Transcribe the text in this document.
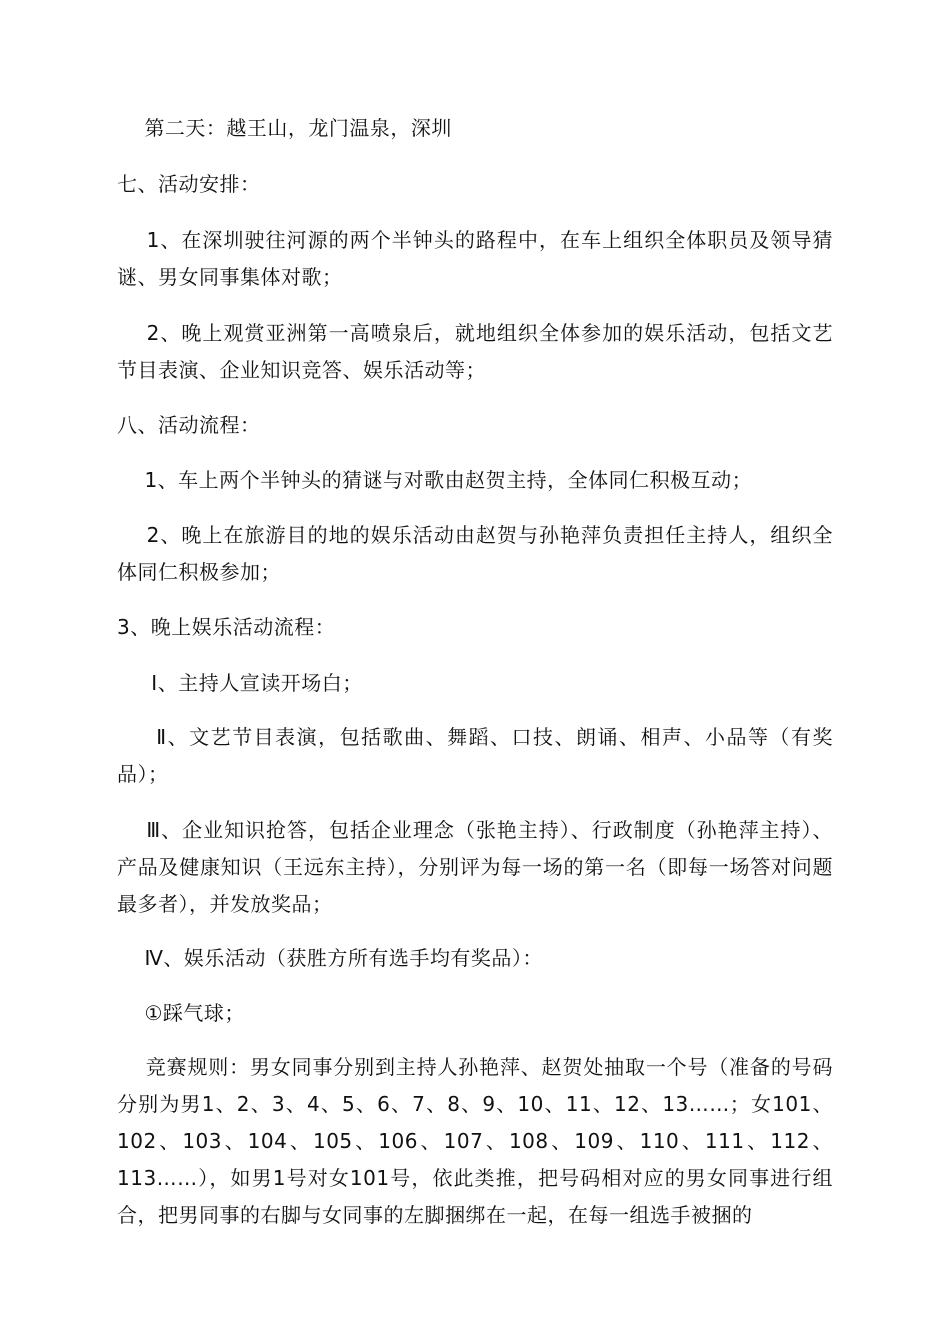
第二天：越王山，龙门温泉，深圳

七、活动安排：

1、在深圳驶往河源的两个半钟头的路程中，在车上组织全体职员及领导猜谜、男女同事集体对歌；

2、晚上观赏亚洲第一高喷泉后，就地组织全体参加的娱乐活动，包括文艺节目表演、企业知识竞答、娱乐活动等；

八、活动流程：

1、车上两个半钟头的猜谜与对歌由赵贺主持，全体同仁积极互动；

2、晚上在旅游目的地的娱乐活动由赵贺与孙艳萍负责担任主持人，组织全体同仁积极参加；

3、晚上娱乐活动流程：

Ⅰ、主持人宣读开场白；

Ⅱ、文艺节目表演，包括歌曲、舞蹈、口技、朗诵、相声、小品等（有奖品）；

Ⅲ、企业知识抢答，包括企业理念（张艳主持）、行政制度（孙艳萍主持）、产品及健康知识（王远东主持），分别评为每一场的第一名（即每一场答对问题最多者），并发放奖品；

Ⅳ、娱乐活动（获胜方所有选手均有奖品）：

①踩气球；

竞赛规则：男女同事分别到主持人孙艳萍、赵贺处抽取一个号（准备的号码分别为男1、2、3、4、5、6、7、8、9、10、11、12、13……；女101、102、103、104、105、106、107、108、109、110、111、112、113……），如男1号对女101号，依此类推，把号码相对应的男女同事进行组合，把男同事的右脚与女同事的左脚捆绑在一起，在每一组选手被捆的
